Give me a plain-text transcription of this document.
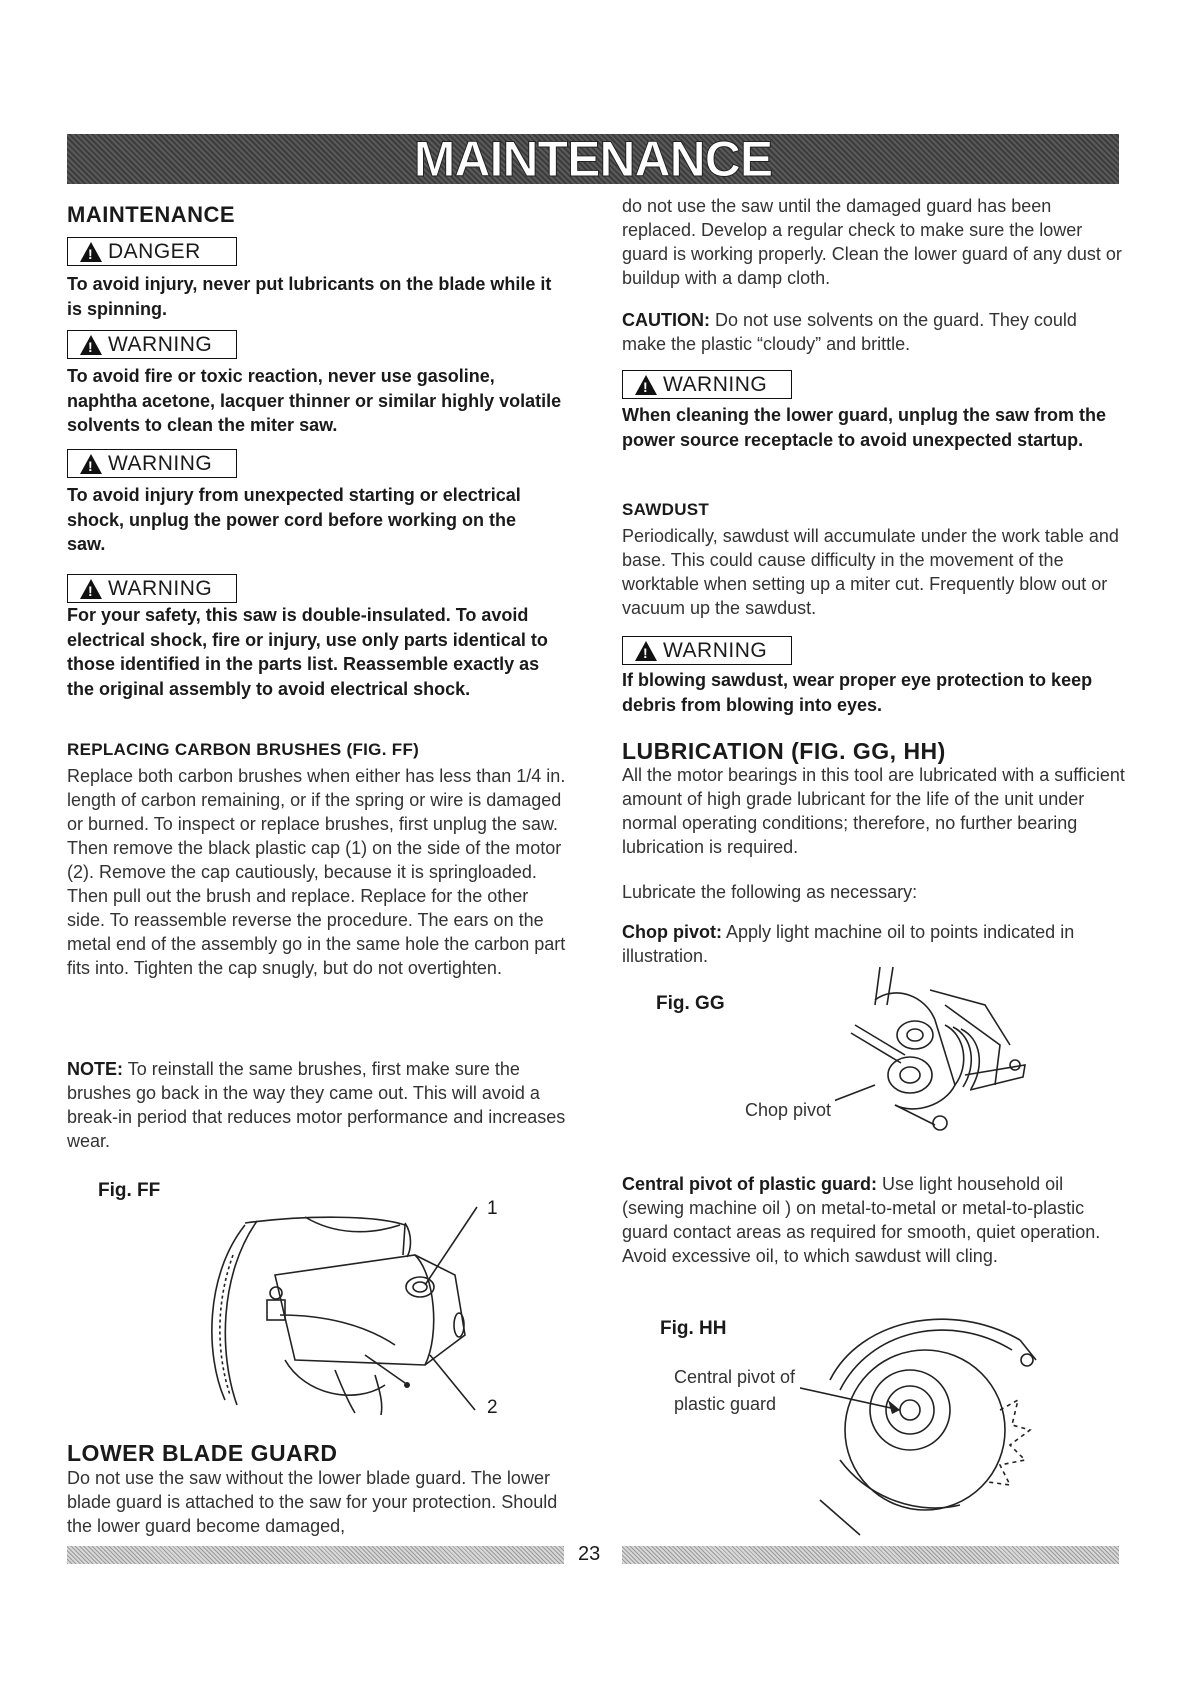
MAINTENANCE
MAINTENANCE
!
DANGER

To avoid injury, never put lubricants on the blade while it is spinning.

!
WARNING

To avoid fire or toxic reaction, never use gasoline, naphtha acetone, lacquer thinner or similar highly volatile solvents to clean the miter saw.

!
WARNING

To avoid injury from unexpected starting or electrical shock, unplug the power cord before working on the saw.

!
WARNING

For your safety, this saw is double-insulated. To avoid electrical shock, fire or injury, use only parts identical to those identified in the parts list. Reassemble exactly as the original assembly to avoid electrical shock.

REPLACING CARBON BRUSHES (FIG. FF)

Replace both carbon brushes when either has less than 1/4 in. length of carbon remaining, or if the spring or wire is damaged or burned. To inspect or replace brushes, first unplug the saw. Then remove the black plastic cap (1) on the side of the motor (2). Remove the cap cautiously, because it is springloaded. Then pull out the brush and replace. Replace for the other side. To reassemble reverse the procedure. The ears on the metal end of the assembly go in the same hole the carbon part fits into. Tighten the cap snugly, but do not overtighten.

NOTE: To reinstall the same brushes, first make sure the brushes go back in the way they came out. This will avoid a break-in period that reduces motor performance and increases wear.

Fig. FF

1
2
LOWER BLADE GUARD

Do not use the saw without the lower blade guard. The lower blade guard is attached to the saw for your protection. Should the lower guard become damaged,

do not use the saw until the damaged guard has been replaced. Develop a regular check to make sure the lower guard is working properly. Clean the lower guard of any dust or buildup with a damp cloth.

CAUTION: Do not use solvents on the guard. They could make the plastic “cloudy” and brittle.

!
WARNING

When cleaning the lower guard, unplug the saw from the power source receptacle to avoid unexpected startup.

SAWDUST

Periodically, sawdust will accumulate under the work table and base. This could cause difficulty in the movement of the worktable when setting up a miter cut. Frequently blow out or vacuum up the sawdust.

!
WARNING

If blowing sawdust, wear proper eye protection to keep debris from blowing into eyes.

LUBRICATION (FIG. GG, HH)

All the motor bearings in this tool are lubricated with a sufficient amount of high grade lubricant for the life of the unit under normal operating conditions; therefore, no further bearing lubrication is required.

Lubricate the following as necessary:

Chop pivot: Apply light machine oil to points indicated in illustration.

Fig. GG

Chop pivot

Central pivot of plastic guard: Use light household oil (sewing machine oil ) on metal-to-metal or metal-to-plastic guard contact areas as required for smooth, quiet operation. Avoid excessive oil, to which sawdust will cling.

Fig. HH

Central pivot of
plastic guard
23
